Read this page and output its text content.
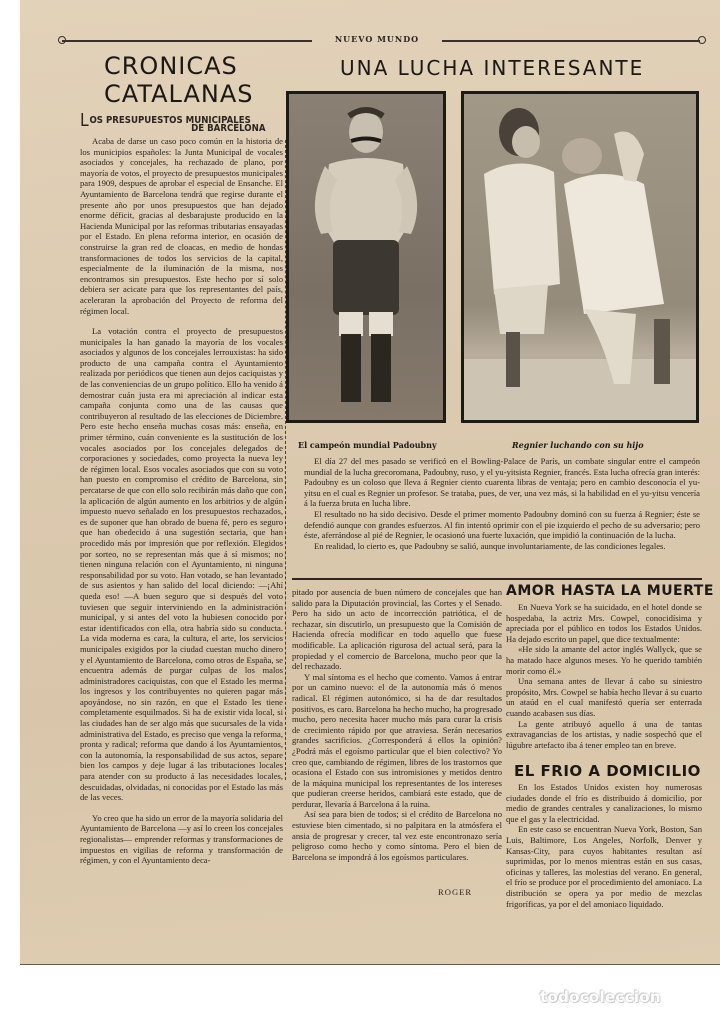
NUEVO MUNDO
CRONICAS
CATALANAS
LOS PRESUPUESTOS MUNICIPALES
DE BARCELONA

Acaba de darse un caso poco común en la historia de los municipios españoles: la Junta Municipal de vocales asociados y concejales, ha rechazado de plano, por mayoría de votos, el proyecto de presupuestos municipales para 1909, despues de aprobar el especial de Ensanche. El Ayuntamiento de Barcelona tendrá que regirse durante el presente año por unos presupuestos que han dejado enorme déficit, gracias al desbarajuste producido en la Hacienda Municipal por las reformas tributarias ensayadas por el Estado. En plena reforma interior, en ocasión de construirse la gran red de cloacas, en medio de hondas transformaciones de todos los servicios de la capital, especialmente de la iluminación de la misma, nos encontramos sin presupuestos. Este hecho por sí solo debiera ser acicate para que los representantes del país, aceleraran la aprobación del Proyecto de reforma del régimen local.

La votación contra el proyecto de presupuestos municipales la han ganado la mayoría de los vocales asociados y algunos de los concejales lerrouxistas: ha sido producto de una campaña contra el Ayuntamiento realizada por periódicos que tienen aun dejos caciquistas y de las conveniencias de un grupo político. Ello ha venido á demostrar cuán justa era mi apreciación al indicar esta campaña conjunta como una de las causas que contribuyeron al resultado de las elecciones de Diciembre. Pero este hecho enseña muchas cosas más: enseña, en primer término, cuán conveniente es la sustitución de los vocales asociados por los concejales delegados de corporaciones y sociedades, como proyecta la nueva ley de régimen local. Esos vocales asociados que con su voto han puesto en compromiso el crédito de Barcelona, sin percatarse de que con ello solo recibirán más daño que con la aplicación de algún aumento en los arbitrios y de algún impuesto nuevo señalado en los presupuestos rechazados, es de suponer que han obrado de buena fé, pero es seguro que han obedecido á una sugestión sectaria, que han procedido más por impresión que por reflexión. Elegidos por sorteo, no se representan más que á sí mismos; no tienen ninguna relación con el Ayuntamiento, ni ninguna responsabilidad por su voto. Han votado, se han levantado de sus asientos y han salido del local diciendo: —¡Ahí queda eso! —A buen seguro que si después del voto tuviesen que seguir interviniendo en la administración municipal, y si antes del voto la hubiesen conocido por estar identificados con ella, otra habría sido su conducta. La vida moderna es cara, la cultura, el arte, los servicios municipales exigidos por la ciudad cuestan mucho dinero y el Ayuntamiento de Barcelona, como otros de España, se encuentra además de purgar culpas de los malos administradores caciquistas, con que el Estado les merma los ingresos y los contribuyentes no quieren pagar más apoyándose, no sin razón, en que el Estado les tiene completamente esquilmados. Si ha de existir vida local, si las ciudades han de ser algo más que sucursales de la vida administrativa del Estado, es preciso que venga la reforma, pronta y radical; reforma que dando á los Ayuntamientos, con la autonomía, la responsabilidad de sus actos, separe bien los campos y deje lugar á las tributaciones locales para atender con su producto á las necesidades locales, descuidadas, olvidadas, ni conocidas por el Estado las más de las veces.

Yo creo que ha sido un error de la mayoría solidaria del Ayuntamiento de Barcelona —y así lo creen los concejales regionalistas— emprender reformas y transformaciones de impuestos en vigilias de reforma y transformación de régimen, y con el Ayuntamiento deca-

UNA LUCHA INTERESANTE
El campeón mundial Padoubny	Regnier luchando con su hijo

El día 27 del mes pasado se verificó en el Bowling-Palace de París, un combate singular entre el campeón mundial de la lucha grecoromana, Padoubny, ruso, y el yu-yitsista Regnier, francés. Esta lucha ofrecía gran interés: Padoubny es un coloso que lleva á Regnier ciento cuarenta libras de ventaja; pero en cambio desconocía el yu-yitsu en el cual es Regnier un profesor. Se trataba, pues, de ver, una vez más, si la habilidad en el yu-yitsu vencería á la fuerza bruta en lucha libre.

El resultado no ha sido decisivo. Desde el primer momento Padoubny dominó con su fuerza á Regnier; éste se defendió aunque con grandes esfuerzos. Al fin intentó oprimir con el pie izquierdo el pecho de su adversario; pero éste, aferrándose al pié de Regnier, le ocasionó una fuerte luxación, que impidió la continuación de la lucha.

En realidad, lo cierto es, que Padoubny se salió, aunque involuntariamente, de las condiciones legales.

pitado por ausencia de buen número de concejales que han salido para la Diputación provincial, las Cortes y el Senado. Pero ha sido un acto de incorrección patriótica, el de rechazar, sin discutirlo, un presupuesto que la Comisión de Hacienda ofrecía modificar en todo aquello que fuese modificable. La aplicación rigurosa del actual será, para la propiedad y el comercio de Barcelona, mucho peor que la del rechazado.

Y mal síntoma es el hecho que comento. Vamos á entrar por un camino nuevo: el de la autonomía más ó menos radical. El régimen autonómico, si ha de dar resultados positivos, es caro. Barcelona ha hecho mucho, ha progresado mucho, pero necesita hacer mucho más para curar la crisis de crecimiento rápido por que atraviesa. Serán necesarios grandes sacrificios. ¿Corresponderá á ellos la opinión? ¿Podrá más el egoísmo particular que el bien colectivo? Yo creo que, cambiando de régimen, libres de los trastornos que ocasiona el Estado con sus intromisiones y metidos dentro de la máquina municipal los representantes de los intereses que pudieran creerse heridos, cambiará este estado, que de perdurar, llevaría á Barcelona á la ruina.

Así sea para bien de todos; si el crédito de Barcelona no estuviese bien cimentado, si no palpitara en la atmósfera el ansia de progresar y crecer, tal vez este encontronazo sería peligroso como hecho y como síntoma. Pero el bien de Barcelona se impondrá á los egoísmos particulares.

ROGER
AMOR HASTA LA MUERTE

En Nueva York se ha suicidado, en el hotel donde se hospedaba, la actriz Mrs. Cowpel, conocidísima y apreciada por el público en todos los Estados Unidos. Ha dejado escrito un papel, que dice textualmente:

«He sido la amante del actor inglés Wallyck, que se ha matado hace algunos meses. Yo he querido también morir como él.»

Una semana antes de llevar á cabo su siniestro propósito, Mrs. Cowpel se había hecho llevar á su cuarto un ataúd en el cual manifestó quería ser enterrada cuando acabasen sus días.

La gente atribuyó aquello á una de tantas extravagancias de los artistas, y nadie sospechó que el lúgubre artefacto iba á tener empleo tan en breve.

EL FRIO A DOMICILIO

En los Estados Unidos existen hoy numerosas ciudades donde el frío es distribuido á domicilio, por medio de grandes centrales y canalizaciones, lo mismo que el gas y la electricidad.

En este caso se encuentran Nueva York, Boston, San Luis, Baltimore, Los Angeles, Norfolk, Denver y Kansas-City, para cuyos habitantes resultan así suprimidas, por lo menos mientras están en sus casas, oficinas y talleres, las molestias del verano. En general, el frío se produce por el procedimiento del amoniaco. La distribución se opera ya por medio de mezclas frigoríficas, ya por el del amoniaco liquidado.

todocoleccion
